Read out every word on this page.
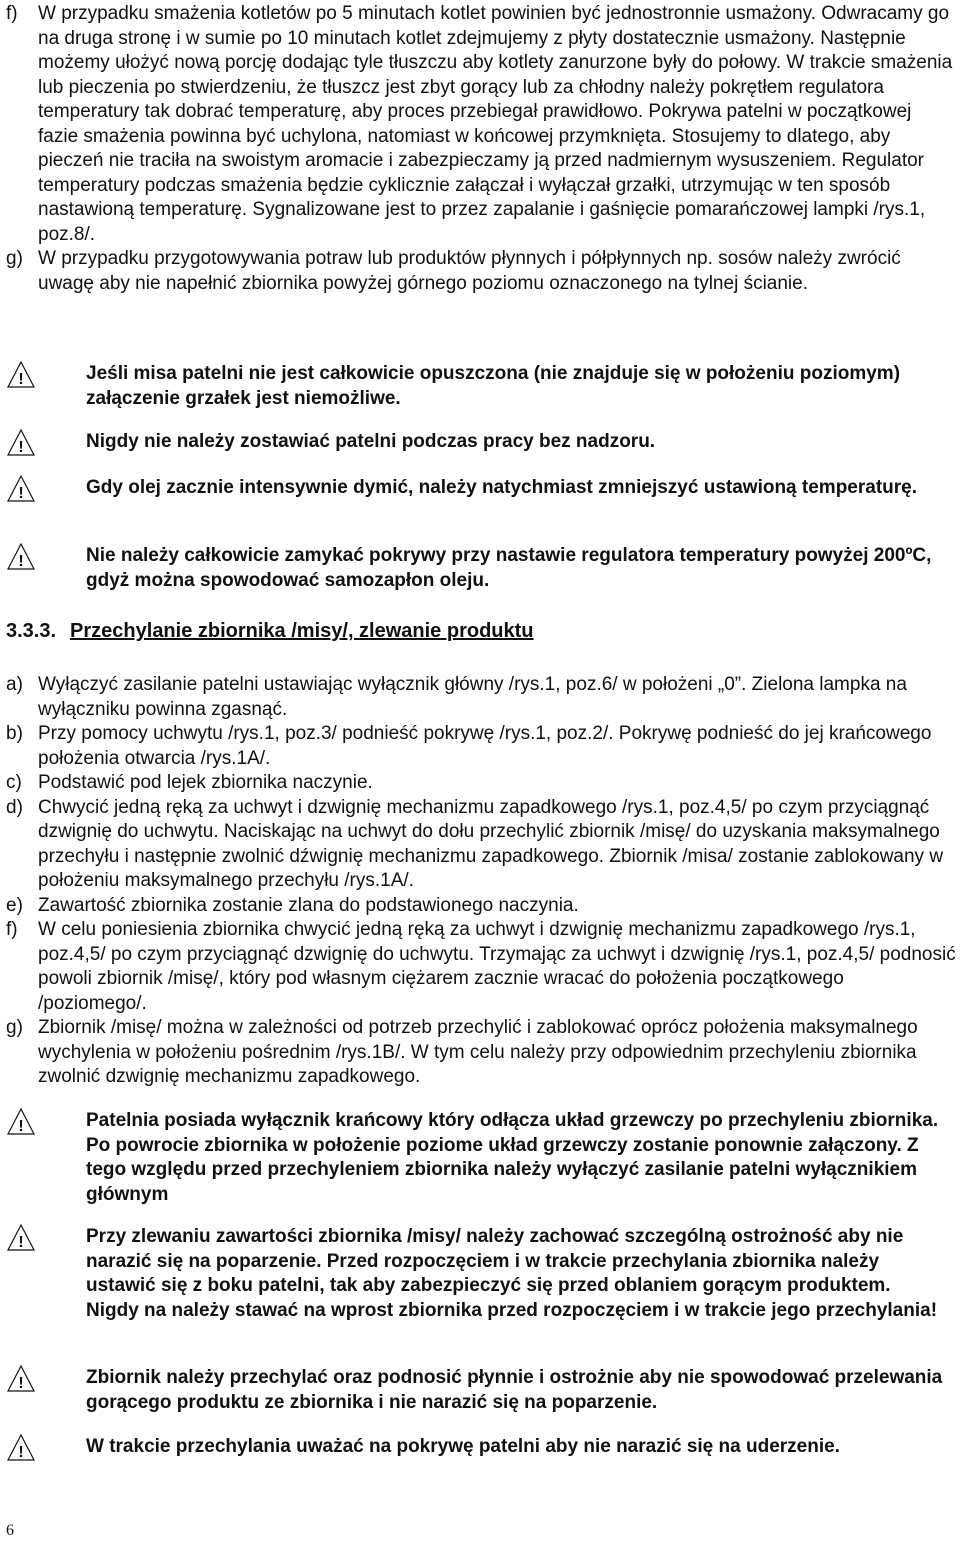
f)	W przypadku smażenia kotletów po 5 minutach kotlet powinien być jednostronnie usmażony. Odwracamy go na druga stronę i w sumie po 10 minutach kotlet zdejmujemy z płyty dostatecznie usmażony. Następnie możemy ułożyć nową porcję dodając tyle tłuszczu aby kotlety zanurzone były do połowy. W trakcie smażenia lub pieczenia po stwierdzeniu, że tłuszcz jest zbyt gorący lub za chłodny należy pokrętłem regulatora temperatury tak dobrać temperaturę, aby proces przebiegał prawidłowo. Pokrywa patelni w początkowej fazie smażenia powinna być uchylona, natomiast w końcowej przymknięta. Stosujemy to dlatego, aby pieczeń nie traciła na swoistym aromacie i zabezpieczamy ją przed nadmiernym wysuszeniem. Regulator temperatury podczas smażenia będzie cyklicznie załączał i wyłączał grzałki, utrzymując w ten sposób nastawioną temperaturę. Sygnalizowane jest to przez zapalanie i gaśnięcie pomarańczowej lampki /rys.1, poz.8/.
g) W przypadku przygotowywania potraw lub produktów płynnych i półpłynnych np. sosów należy zwrócić uwagę aby nie napełnić zbiornika powyżej górnego poziomu oznaczonego na tylnej ścianie.
!	Jeśli misa patelni nie jest całkowicie opuszczona (nie znajduje się w położeniu poziomym) załączenie grzałek jest niemożliwe.
!	Nigdy nie należy zostawiać patelni podczas pracy bez nadzoru.
!	Gdy olej zacznie intensywnie dymić, należy natychmiast zmniejszyć ustawioną temperaturę.
!	Nie należy całkowicie zamykać pokrywy przy nastawie regulatora temperatury powyżej 200ºC, gdyż można spowodować samozapłon oleju.
3.3.3. Przechylanie zbiornika /misy/, zlewanie produktu
a) Wyłączyć zasilanie patelni ustawiając wyłącznik główny /rys.1, poz.6/ w położeni „0”. Zielona lampka na wyłączniku powinna zgasnąć.
b) Przy pomocy uchwytu /rys.1, poz.3/ podnieść pokrywę /rys.1, poz.2/. Pokrywę podnieść do jej krańcowego położenia otwarcia /rys.1A/.
c) Podstawić pod lejek zbiornika naczynie.
d) Chwycić jedną ręką za uchwyt i dzwignię mechanizmu zapadkowego /rys.1, poz.4,5/ po czym przyciągnąć dzwignię do uchwytu. Naciskając na uchwyt do dołu przechylić zbiornik /misę/ do uzyskania maksymalnego przechyłu i następnie zwolnić dźwignię mechanizmu zapadkowego. Zbiornik /misa/ zostanie zablokowany w położeniu maksymalnego przechyłu /rys.1A/.
e) Zawartość zbiornika zostanie zlana do podstawionego naczynia.
f)	W celu poniesienia zbiornika chwycić jedną ręką za uchwyt i dzwignię mechanizmu zapadkowego /rys.1, poz.4,5/ po czym przyciągnąć dzwignię do uchwytu. Trzymając za uchwyt i dzwignię /rys.1, poz.4,5/ podnosić powoli zbiornik /misę/, który pod własnym ciężarem zacznie wracać do położenia początkowego /poziomego/.
g) Zbiornik /misę/ można w zależności od potrzeb przechylić i zablokować oprócz położenia maksymalnego wychylenia w położeniu pośrednim /rys.1B/. W tym celu należy przy odpowiednim przechyleniu zbiornika zwolnić dzwignię mechanizmu zapadkowego.
!	Patelnia posiada wyłącznik krańcowy który odłącza układ grzewczy po przechyleniu zbiornika. Po powrocie zbiornika w położenie poziome układ grzewczy zostanie ponownie załączony. Z tego względu przed przechyleniem zbiornika należy wyłączyć zasilanie patelni wyłącznikiem głównym
!	Przy zlewaniu zawartości zbiornika /misy/ należy zachować szczególną ostrożność aby nie narazić się na poparzenie. Przed rozpoczęciem i w trakcie przechylania zbiornika należy ustawić się z boku patelni, tak aby zabezpieczyć się przed oblaniem gorącym produktem. Nigdy na należy stawać na wprost zbiornika przed rozpoczęciem i w trakcie jego przechylania!
!	Zbiornik należy przechylać oraz podnosić płynnie i ostrożnie aby nie spowodować przelewania gorącego produktu ze zbiornika i nie narazić się na poparzenie.
!	W trakcie przechylania uważać na pokrywę patelni aby nie narazić się na uderzenie.
6
